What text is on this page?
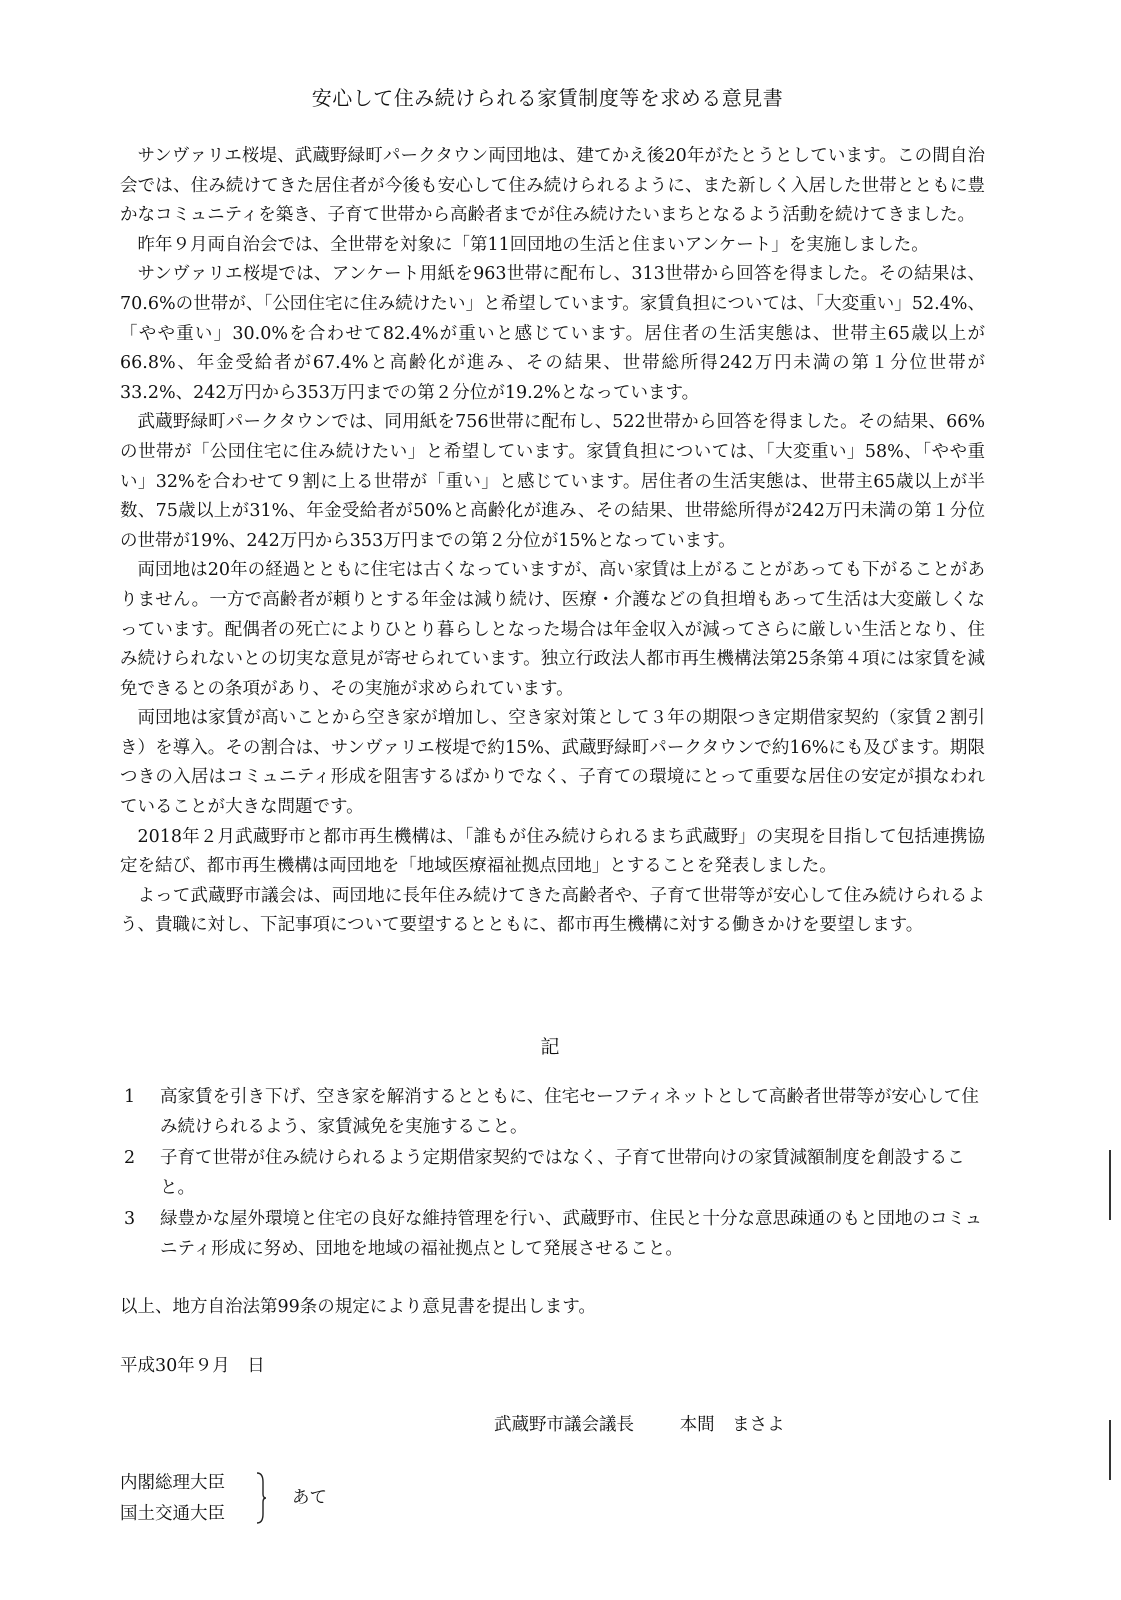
安心して住み続けられる家賃制度等を求める意見書

サンヴァリエ桜堤、武蔵野緑町パークタウン両団地は、建てかえ後20年がたとうとしています。この間自治会では、住み続けてきた居住者が今後も安心して住み続けられるように、また新しく入居した世帯とともに豊かなコミュニティを築き、子育て世帯から高齢者までが住み続けたいまちとなるよう活動を続けてきました。

昨年９月両自治会では、全世帯を対象に「第11回団地の生活と住まいアンケート」を実施しました。

サンヴァリエ桜堤では、アンケート用紙を963世帯に配布し、313世帯から回答を得ました。その結果は、70.6%の世帯が、「公団住宅に住み続けたい」と希望しています。家賃負担については、「大変重い」52.4%、「やや重い」30.0%を合わせて82.4%が重いと感じています。居住者の生活実態は、世帯主65歳以上が66.8%、年金受給者が67.4%と高齢化が進み、その結果、世帯総所得242万円未満の第１分位世帯が33.2%、242万円から353万円までの第２分位が19.2%となっています。

武蔵野緑町パークタウンでは、同用紙を756世帯に配布し、522世帯から回答を得ました。その結果、66%の世帯が「公団住宅に住み続けたい」と希望しています。家賃負担については、「大変重い」58%、「やや重い」32%を合わせて９割に上る世帯が「重い」と感じています。居住者の生活実態は、世帯主65歳以上が半数、75歳以上が31%、年金受給者が50%と高齢化が進み、その結果、世帯総所得が242万円未満の第１分位の世帯が19%、242万円から353万円までの第２分位が15%となっています。

両団地は20年の経過とともに住宅は古くなっていますが、高い家賃は上がることがあっても下がることがありません。一方で高齢者が頼りとする年金は減り続け、医療・介護などの負担増もあって生活は大変厳しくなっています。配偶者の死亡によりひとり暮らしとなった場合は年金収入が減ってさらに厳しい生活となり、住み続けられないとの切実な意見が寄せられています。独立行政法人都市再生機構法第25条第４項には家賃を減免できるとの条項があり、その実施が求められています。

両団地は家賃が高いことから空き家が増加し、空き家対策として３年の期限つき定期借家契約（家賃２割引き）を導入。その割合は、サンヴァリエ桜堤で約15%、武蔵野緑町パークタウンで約16%にも及びます。期限つきの入居はコミュニティ形成を阻害するばかりでなく、子育ての環境にとって重要な居住の安定が損なわれていることが大きな問題です。

2018年２月武蔵野市と都市再生機構は、「誰もが住み続けられるまち武蔵野」の実現を目指して包括連携協定を結び、都市再生機構は両団地を「地域医療福祉拠点団地」とすることを発表しました。

よって武蔵野市議会は、両団地に長年住み続けてきた高齢者や、子育て世帯等が安心して住み続けられるよう、貴職に対し、下記事項について要望するとともに、都市再生機構に対する働きかけを要望します。

記
1	高家賃を引き下げ、空き家を解消するとともに、住宅セーフティネットとして高齢者世帯等が安心して住み続けられるよう、家賃減免を実施すること。
2	子育て世帯が住み続けられるよう定期借家契約ではなく、子育て世帯向けの家賃減額制度を創設すること。
3	緑豊かな屋外環境と住宅の良好な維持管理を行い、武蔵野市、住民と十分な意思疎通のもと団地のコミュニティ形成に努め、団地を地域の福祉拠点として発展させること。
以上、地方自治法第99条の規定により意見書を提出します。
平成30年９月　日
武蔵野市議会議長	本間　まさよ
内閣総理大臣
国土交通大臣
あて
